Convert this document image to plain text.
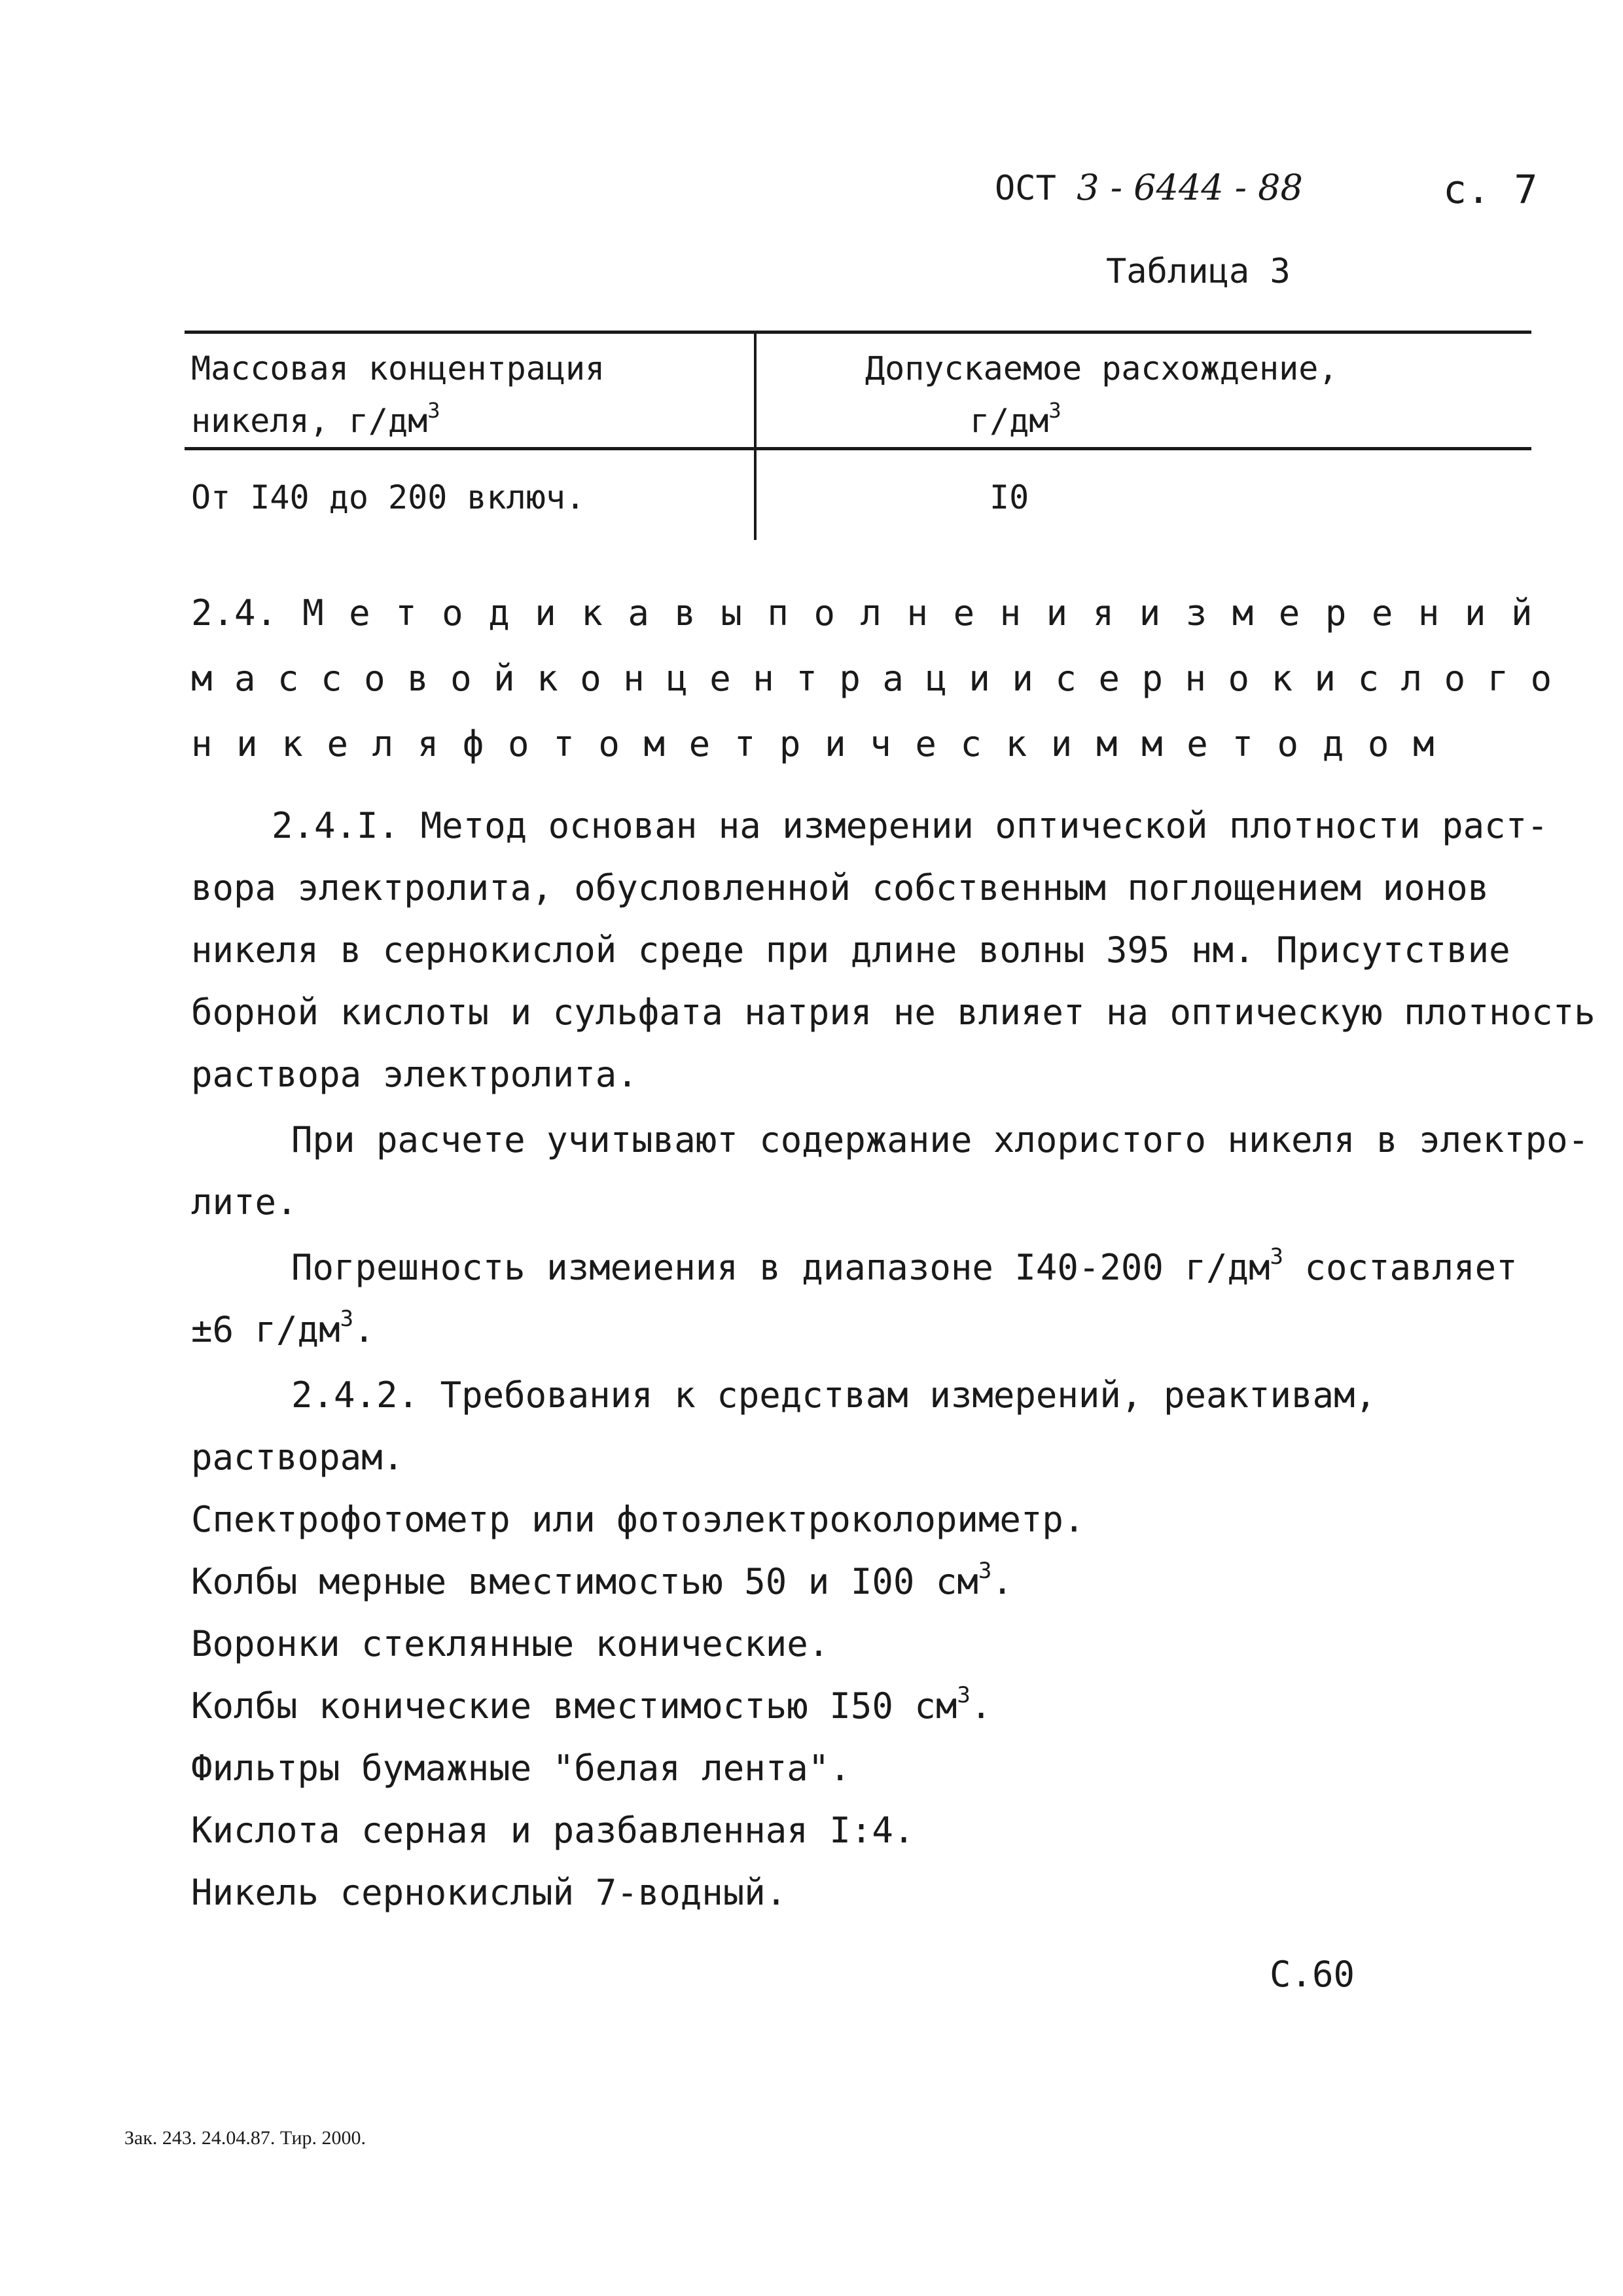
ОСТ 3 - 6444 - 88	с. 7
Таблица 3
Массовая концентрация
никеля, $г/дм^3$
Допускаемое расхождение,
$г/дм^3$
От I40 до 200 включ.	I0
2.4. М е т о д и к а в ы п о л н е н и я и з м е р е н и й
м а с с о в о й к о н ц е н т р а ц и и с е р н о к и с л о г о
н и к е л я ф о т о м е т р и ч е с к и м м е т о д о м
2.4.I. Метод основан на измерении оптической плотности раст-
вора электролита, обусловленной собственным поглощением ионов
никеля в сернокислой среде при длине волны 395 нм. Присутствие
борной кислоты и сульфата натрия не влияет на оптическую плотность
раствора электролита.
При расчете учитывают содержание хлористого никеля в электро-
лите.
Погрешность измеиения в диапазоне I40-200 $г/дм^3$ составляет
±6 $г/дм^3$.
2.4.2. Требования к средствам измерений, реактивам,
растворам.
Спектрофотометр или фотоэлектроколориметр.
Колбы мерные вместимостью 50 и I00 $см^3$.
Воронки стеклянные конические.
Колбы конические вместимостью I50 $см^3$.
Фильтры бумажные "белая лента".
Кислота серная и разбавленная I:4.
Никель сернокислый 7-водный.
С.60
Зак. 243. 24.04.87. Тир. 2000.
